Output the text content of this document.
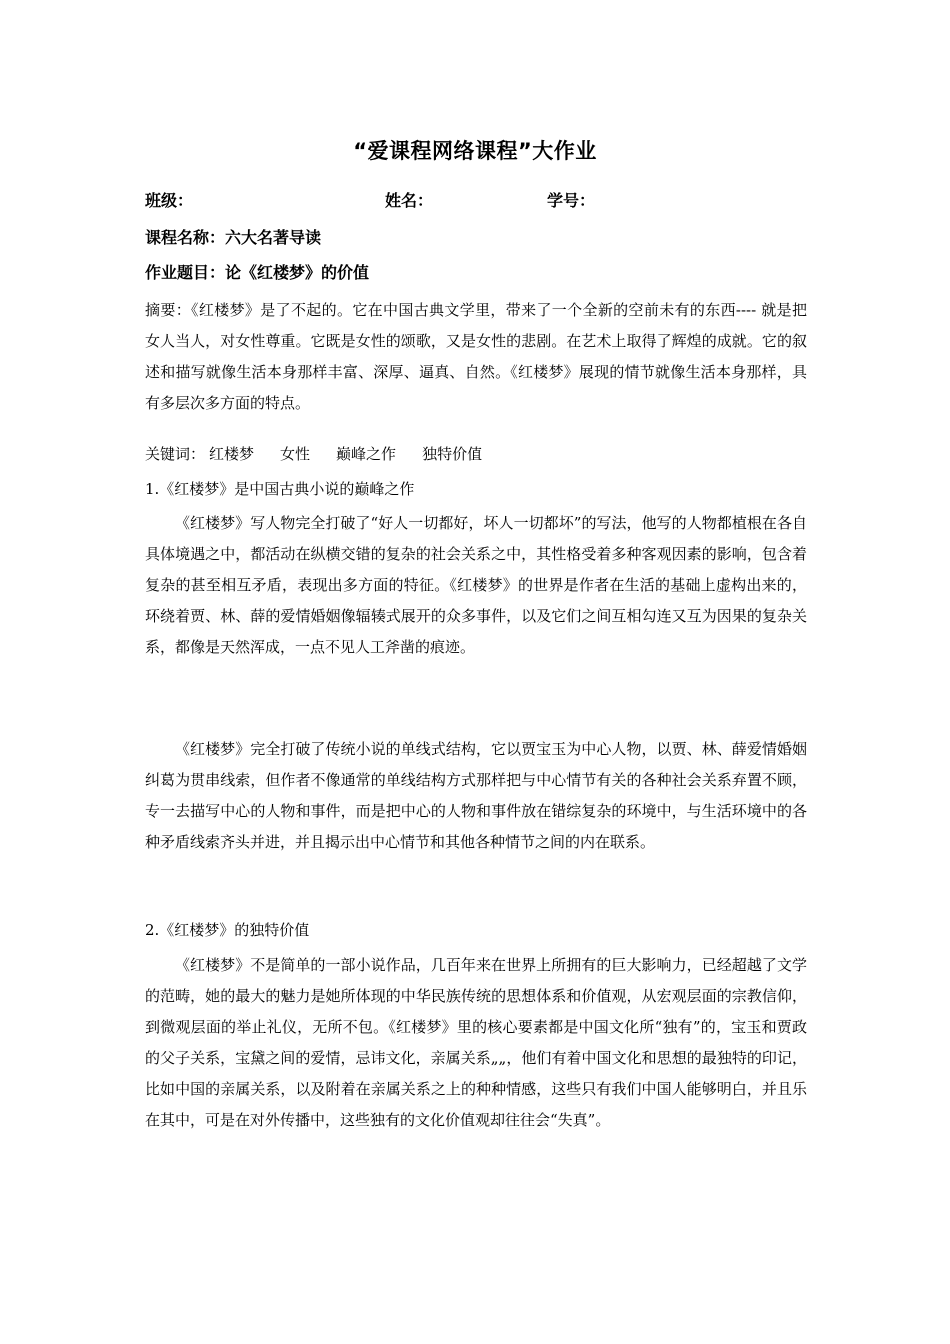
“爱课程网络课程”大作业
班级：	姓名：	学号：
课程名称：六大名著导读
作业题目：论《红楼梦》的价值

摘要：《红楼梦》是了不起的。它在中国古典文学里，带来了一个全新的空前未有的东西---- 就是把女人当人，对女性尊重。它既是女性的颂歌，又是女性的悲剧。在艺术上取得了辉煌的成就。它的叙述和描写就像生活本身那样丰富、深厚、逼真、自然。《红楼梦》展现的情节就像生活本身那样，具有多层次多方面的特点。

关键词： 红楼梦 女性 巅峰之作 独特价值

1.《红楼梦》是中国古典小说的巅峰之作

《红楼梦》写人物完全打破了“好人一切都好，坏人一切都坏”的写法，他写的人物都植根在各自具体境遇之中，都活动在纵横交错的复杂的社会关系之中，其性格受着多种客观因素的影响，包含着复杂的甚至相互矛盾，表现出多方面的特征。《红楼梦》的世界是作者在生活的基础上虚构出来的，环绕着贾、林、薛的爱情婚姻像辐辏式展开的众多事件，以及它们之间互相勾连又互为因果的复杂关系，都像是天然浑成，一点不见人工斧凿的痕迹。

《红楼梦》完全打破了传统小说的单线式结构，它以贾宝玉为中心人物，以贾、林、薛爱情婚姻纠葛为贯串线索，但作者不像通常的单线结构方式那样把与中心情节有关的各种社会关系弃置不顾，专一去描写中心的人物和事件，而是把中心的人物和事件放在错综复杂的环境中，与生活环境中的各种矛盾线索齐头并进，并且揭示出中心情节和其他各种情节之间的内在联系。

2.《红楼梦》的独特价值

《红楼梦》不是简单的一部小说作品，几百年来在世界上所拥有的巨大影响力，已经超越了文学的范畴，她的最大的魅力是她所体现的中华民族传统的思想体系和价值观，从宏观层面的宗教信仰，到微观层面的举止礼仪，无所不包。《红楼梦》里的核心要素都是中国文化所“独有”的，宝玉和贾政的父子关系，宝黛之间的爱情，忌讳文化，亲属关系„„，他们有着中国文化和思想的最独特的印记，比如中国的亲属关系，以及附着在亲属关系之上的种种情感，这些只有我们中国人能够明白，并且乐在其中，可是在对外传播中，这些独有的文化价值观却往往会“失真”。
